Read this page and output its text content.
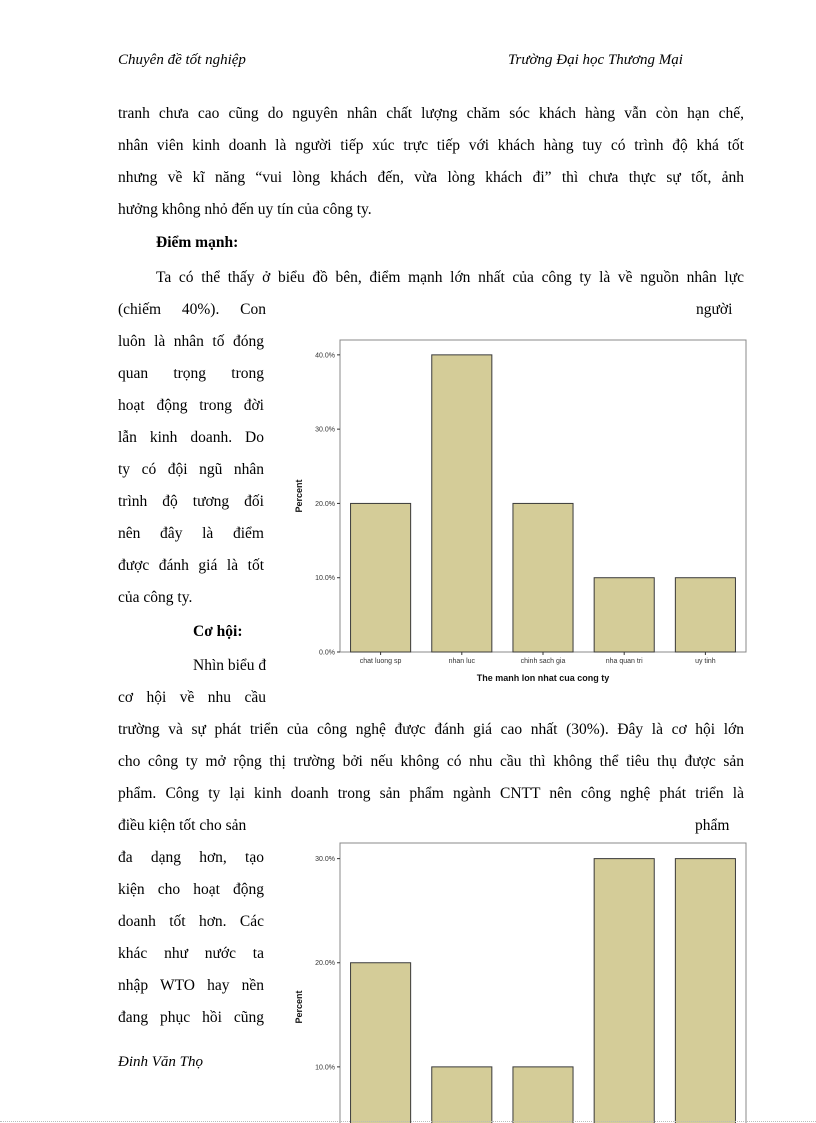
Chuyên đề tốt nghiệp	Trường Đại học Thương Mại
tranh chưa cao cũng do nguyên nhân chất lượng chăm sóc khách hàng vẫn còn hạn chế,
nhân viên kinh doanh là người tiếp xúc trực tiếp với khách hàng tuy có trình độ khá tốt
nhưng về kĩ năng “vui lòng khách đến, vừa lòng khách đi” thì chưa thực sự tốt, ảnh
hưởng không nhỏ đến uy tín của công ty.
Điểm mạnh:
Ta có thể thấy ở biểu đồ bên, điểm mạnh lớn nhất của công ty là về nguồn nhân lực
(chiếm 40%). Con	người
luôn là nhân tố đóng
quan trọng trong
hoạt động trong đời
lẫn kinh doanh. Do
ty có đội ngũ nhân
trình độ tương đối
nên đây là điểm
được đánh giá là tốt
của công ty.
Cơ hội:
Nhìn biểu đ
cơ hội về nhu cầu
trường và sự phát triển của công nghệ được đánh giá cao nhất (30%). Đây là cơ hội lớn
cho công ty mở rộng thị trường bởi nếu không có nhu cầu thì không thể tiêu thụ được sản
phẩm. Công ty lại kinh doanh trong sản phẩm ngành CNTT nên công nghệ phát triển là
điều kiện tốt cho sản
đa dạng hơn, tạo
kiện cho hoạt động
doanh tốt hơn. Các
khác như nước ta
nhập WTO hay nền
đang phục hồi cũng
phẩm
0.0%
10.0%
20.0%
30.0%
40.0%
Percent
chat luong sp	nhan luc	chinh sach gia	nha quan tri	uy tinh
The manh lon nhat cua cong ty
10.0%
20.0%
30.0%
Percent
Đinh Văn Thọ
